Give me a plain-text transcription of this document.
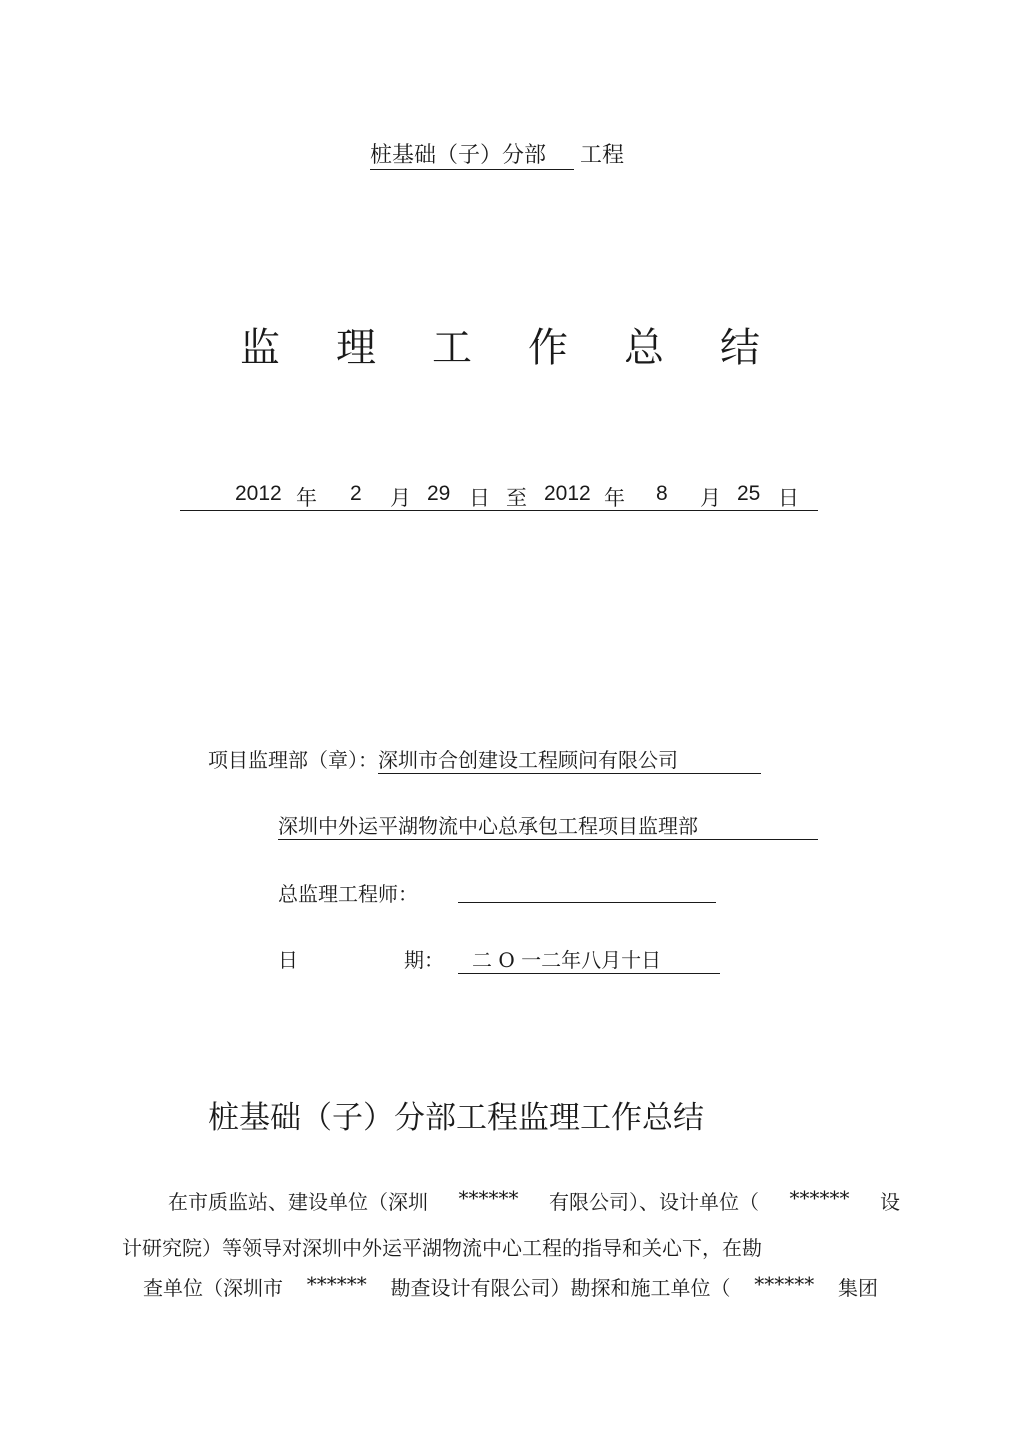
桩基础（子）分部 工程
监 理 工 作 总 结
2012 年 2 月 29 日 至 2012 年 8 月 25 日
项目监理部（章）：深圳市合创建设工程顾问有限公司
深圳中外运平湖物流中心总承包工程项目监理部
总监理工程师：
日	期：	二 O 一二年八月十日
桩基础（子）分部工程监理工作总结
在市质监站、建设单位（深圳 ****** 有限公司）、设计单位（ ****** 设
计研究院）等领导对深圳中外运平湖物流中心工程的指导和关心下，在勘
查单位（深圳市 ****** 勘查设计有限公司）勘探和施工单位（ ****** 集团
